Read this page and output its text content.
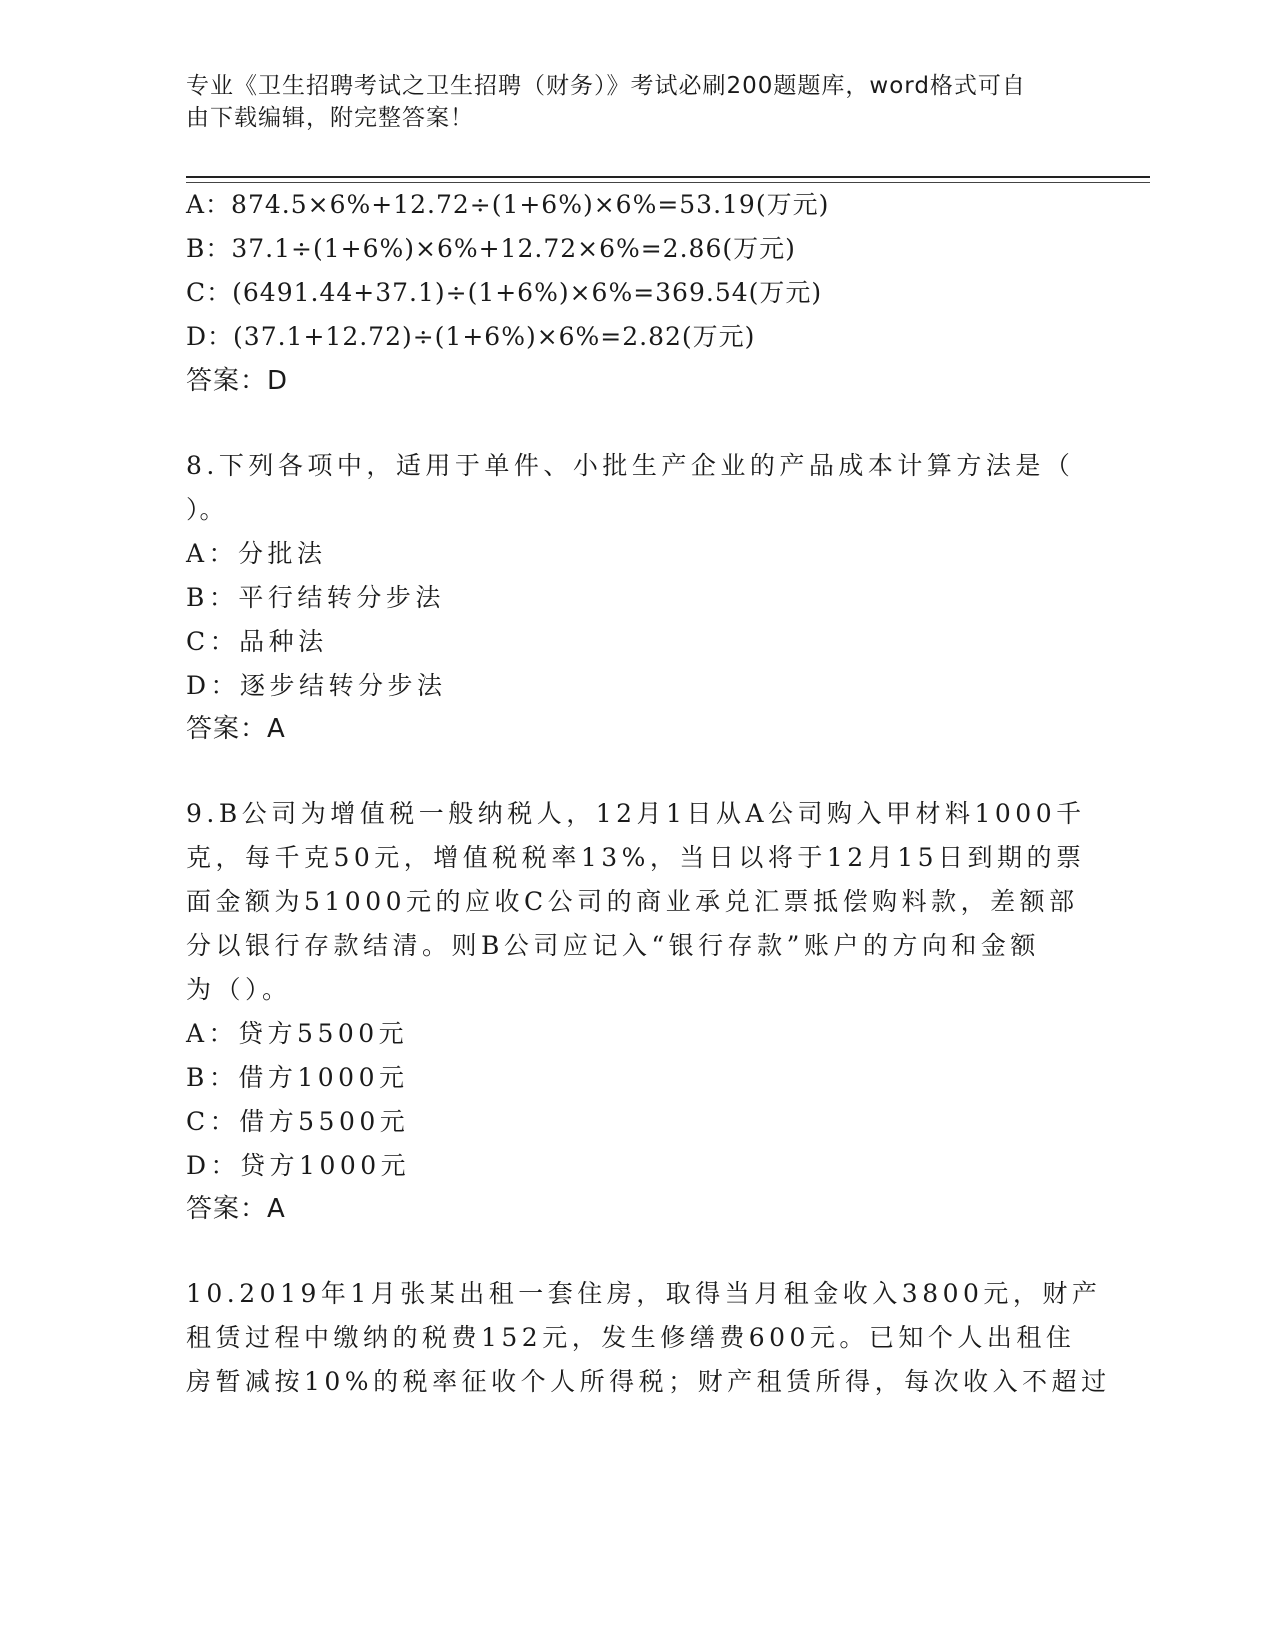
专业《卫生招聘考试之卫生招聘（财务）》考试必刷200题题库，word格式可自
由下载编辑，附完整答案！
A：874.5×6%+12.72÷(1+6%)×6%=53.19(万元)
B：37.1÷(1+6%)×6%+12.72×6%=2.86(万元)
C：(6491.44+37.1)÷(1+6%)×6%=369.54(万元)
D：(37.1+12.72)÷(1+6%)×6%=2.82(万元)
答案：D
8.下列各项中，适用于单件、小批生产企业的产品成本计算方法是（
）。
A：分批法
B：平行结转分步法
C：品种法
D：逐步结转分步法
答案：A
9.B公司为增值税一般纳税人，12月1日从A公司购入甲材料1000千
克，每千克50元，增值税税率13%，当日以将于12月15日到期的票
面金额为51000元的应收C公司的商业承兑汇票抵偿购料款，差额部
分以银行存款结清。则B公司应记入“银行存款”账户的方向和金额
为（）。
A：贷方5500元
B：借方1000元
C：借方5500元
D：贷方1000元
答案：A
10.2019年1月张某出租一套住房，取得当月租金收入3800元，财产
租赁过程中缴纳的税费152元，发生修缮费600元。已知个人出租住
房暂减按10%的税率征收个人所得税；财产租赁所得，每次收入不超过
